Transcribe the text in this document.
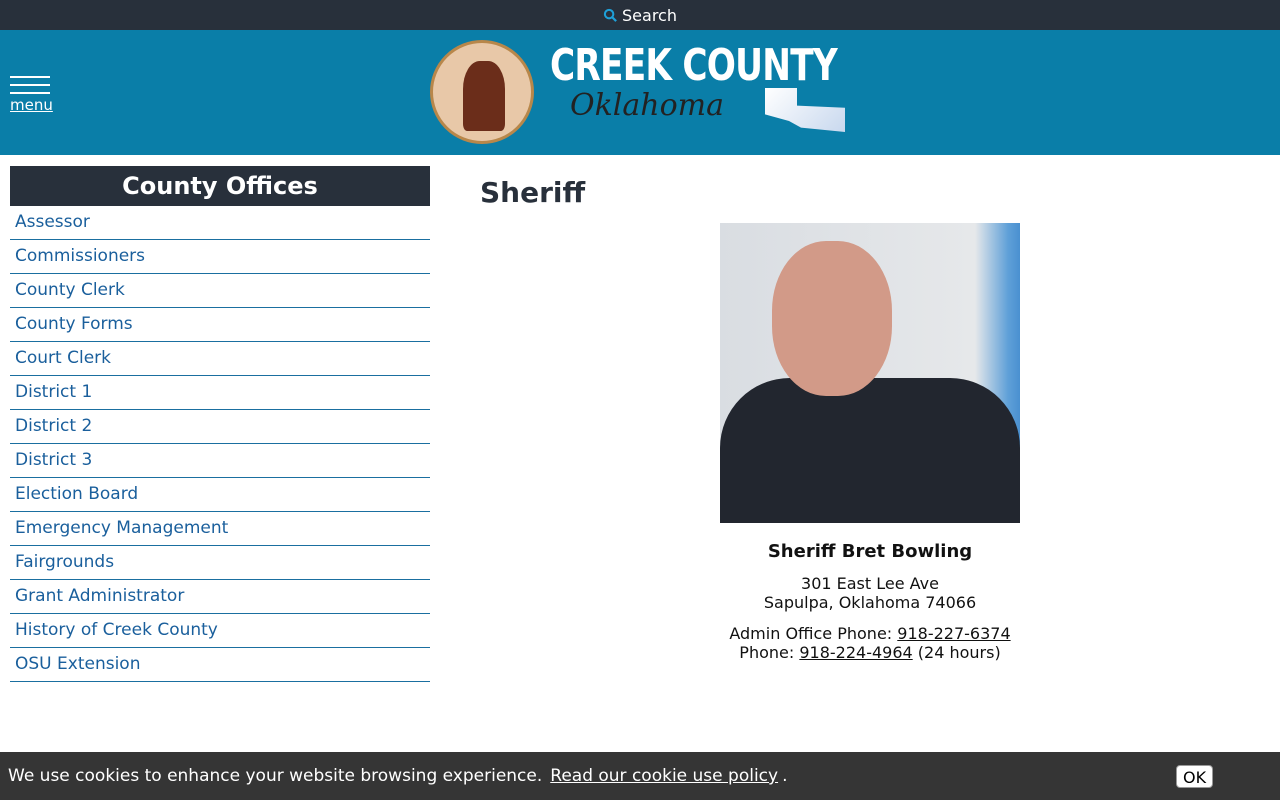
Search
menu
CREEK COUNTY
Oklahoma
County Offices
Assessor
Commissioners
County Clerk
County Forms
Court Clerk
District 1
District 2
District 3
Election Board
Emergency Management
Fairgrounds
Grant Administrator
History of Creek County
OSU Extension
Sheriff
Sheriff Bret Bowling
301 East Lee Ave
Sapulpa, Oklahoma 74066
Admin Office Phone: 918-227-6374
Phone: 918-224-4964 (24 hours)
We use cookies to enhance your website browsing experience. Read our cookie use policy .	OK
